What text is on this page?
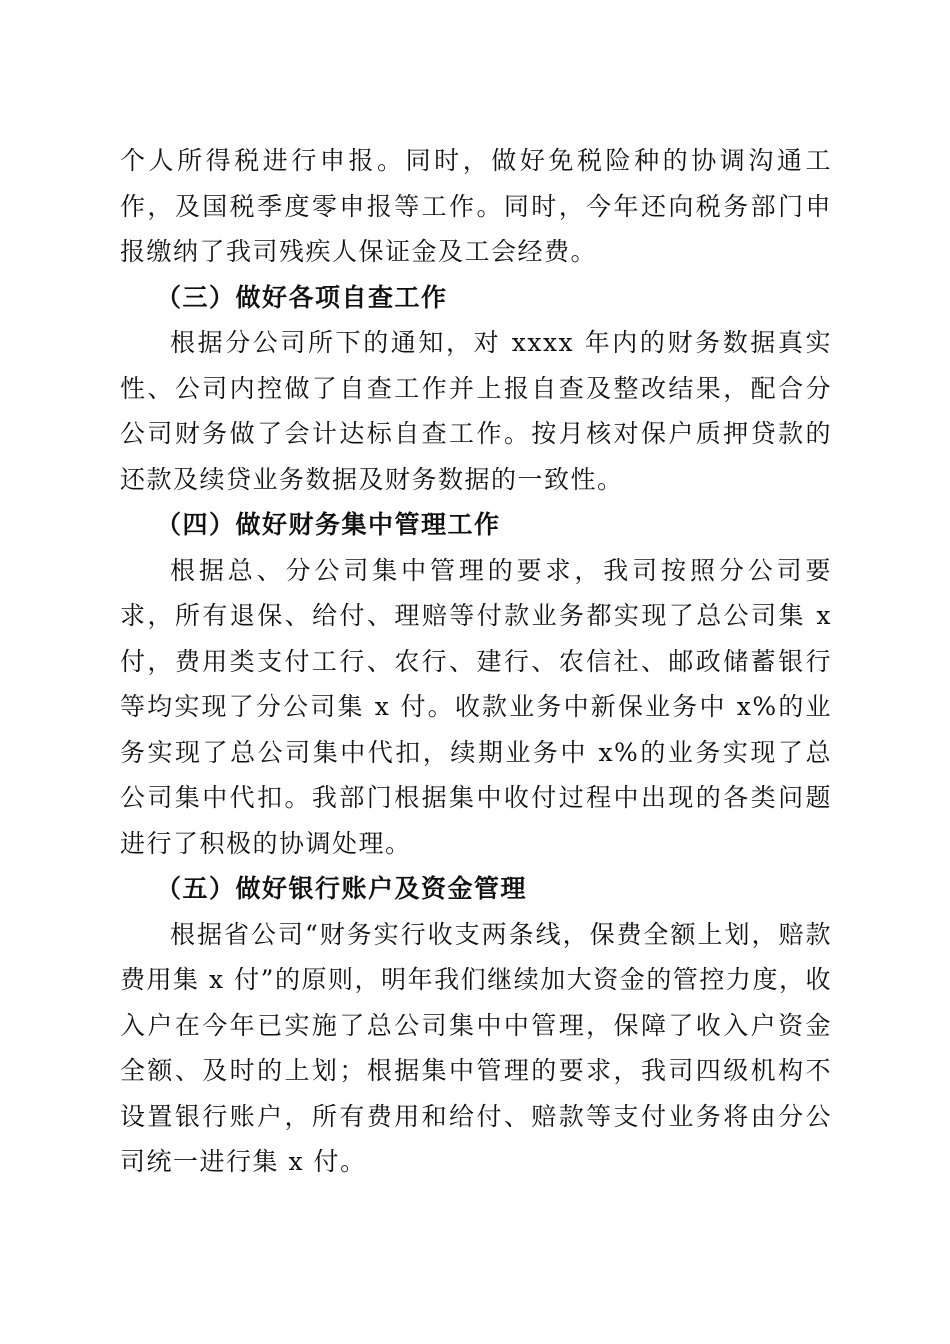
个人所得税进行申报。同时，做好免税险种的协调沟通工作，及国税季度零申报等工作。同时，今年还向税务部门申报缴纳了我司残疾人保证金及工会经费。

（三）做好各项自查工作

根据分公司所下的通知，对 xxxx 年内的财务数据真实性、公司内控做了自查工作并上报自查及整改结果，配合分公司财务做了会计达标自查工作。按月核对保户质押贷款的还款及续贷业务数据及财务数据的一致性。

（四）做好财务集中管理工作

根据总、分公司集中管理的要求，我司按照分公司要求，所有退保、给付、理赔等付款业务都实现了总公司集 x 付，费用类支付工行、农行、建行、农信社、邮政储蓄银行等均实现了分公司集 x 付。收款业务中新保业务中 x%的业务实现了总公司集中代扣，续期业务中 x%的业务实现了总公司集中代扣。我部门根据集中收付过程中出现的各类问题进行了积极的协调处理。

（五）做好银行账户及资金管理

根据省公司“财务实行收支两条线，保费全额上划，赔款费用集 x 付”的原则，明年我们继续加大资金的管控力度，收入户在今年已实施了总公司集中中管理，保障了收入户资金全额、及时的上划；根据集中管理的要求，我司四级机构不设置银行账户，所有费用和给付、赔款等支付业务将由分公司统一进行集 x 付。
